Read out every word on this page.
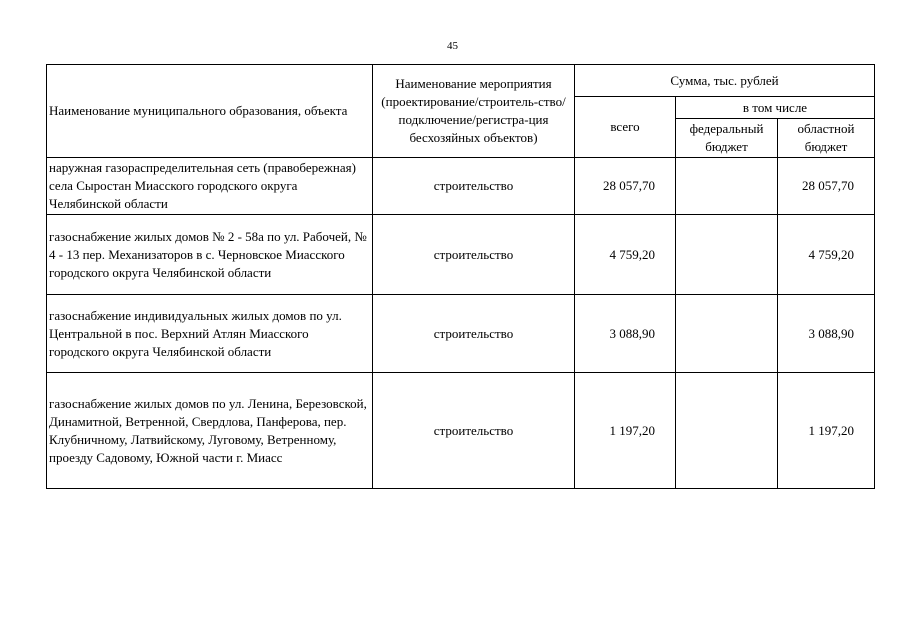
45
Наименование муниципального образования, объекта	Наименование мероприятия (проектирование/строитель-ство/подключение/регистра-ция бесхозяйных объектов)	Сумма, тыс. рублей		
		всего	в том числе	
			федеральный бюджет	областной бюджет
наружная газораспределительная сеть (правобережная) села Сыростан Миасского городского округа Челябинской области	строительство	28 057,70		28 057,70
газоснабжение жилых домов № 2 - 58а по ул. Рабочей, № 4 - 13 пер. Механизаторов в с. Черновское Миасского городского округа Челябинской области	строительство	4 759,20		4 759,20
газоснабжение индивидуальных жилых домов по ул. Центральной в пос. Верхний Атлян Миасского городского округа Челябинской области	строительство	3 088,90		3 088,90
газоснабжение жилых домов по ул. Ленина, Березовской, Динамитной, Ветренной, Свердлова, Панферова, пер. Клубничному, Латвийскому, Луговому, Ветренному, проезду Садовому, Южной части г. Миасс	строительство	1 197,20		1 197,20
